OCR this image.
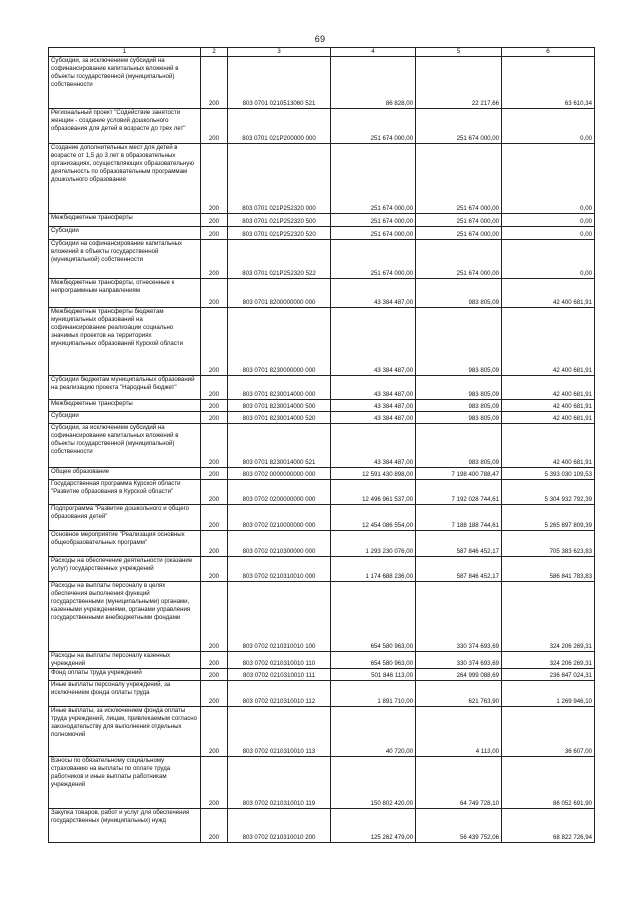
69
1	2	3	4	5	6
Субсидии, за исключением субсидий на софинансирование капитальных вложений в объекты государственной (муниципальной) собственности	200	803 0701 0210513060 521	86 828,00	22 217,66	63 610,34
Региональный проект "Содействие занятости женщин - создание условий дошкольного образования для детей в возрасте до трех лет"	200	803 0701 021P200000 000	251 674 000,00	251 674 000,00	0,00
Создание дополнительных мест для детей в возрасте от 1,5 до 3 лет в образовательных организациях, осуществляющих образовательную деятельность по образовательным программам дошкольного образования	200	803 0701 021P252320 000	251 674 000,00	251 674 000,00	0,00
Межбюджетные трансферты	200	803 0701 021P252320 500	251 674 000,00	251 674 000,00	0,00
Субсидии	200	803 0701 021P252320 520	251 674 000,00	251 674 000,00	0,00
Субсидии на софинансирование капитальных вложений в объекты государственной (муниципальной) собственности	200	803 0701 021P252320 522	251 674 000,00	251 674 000,00	0,00
Межбюджетные трансферты, отнесенные к непрограммным направлениям	200	803 0701 8200000000 000	43 384 487,00	983 805,09	42 400 681,91
Межбюджетные трансферты бюджетам муниципальных образований на софинансирование реализации социально значимых проектов на территориях муниципальных образований Курской области	200	803 0701 8230000000 000	43 384 487,00	983 805,09	42 400 681,91
Субсидии бюджетам муниципальных образований на реализацию проекта "Народный бюджет"	200	803 0701 8230014000 000	43 384 487,00	983 805,09	42 400 681,91
Межбюджетные трансферты	200	803 0701 8230014000 500	43 384 487,00	983 805,09	42 400 681,91
Субсидии	200	803 0701 8230014000 520	43 384 487,00	983 805,09	42 400 681,91
Субсидии, за исключением субсидий на софинансирование капитальных вложений в объекты государственной (муниципальной) собственности	200	803 0701 8230014000 521	43 384 487,00	983 805,09	42 400 681,91
Общее образование	200	803 0702 0000000000 000	12 591 430 898,00	7 198 400 788,47	5 393 030 109,53
Государственная программа Курской области "Развитие образования в Курской области"	200	803 0702 0200000000 000	12 496 961 537,00	7 192 028 744,61	5 304 932 792,39
Подпрограмма "Развитие дошкольного и общего образования детей"	200	803 0702 0210000000 000	12 454 086 554,00	7 188 188 744,61	5 265 897 809,39
Основное мероприятие "Реализация основных общеобразовательных программ"	200	803 0702 0210300000 000	1 293 230 076,00	587 846 452,17	705 383 623,83
Расходы на обеспечение деятельности (оказание услуг) государственных учреждений	200	803 0702 0210310010 000	1 174 688 236,00	587 846 452,17	586 841 783,83
Расходы на выплаты персоналу в целях обеспечения выполнения функций государственными (муниципальными) органами, казенными учреждениями, органами управления государственными внебюджетными фондами	200	803 0702 0210310010 100	654 580 963,00	330 374 693,69	324 206 269,31
Расходы на выплаты персоналу казенных учреждений	200	803 0702 0210310010 110	654 580 963,00	330 374 693,69	324 206 269,31
Фонд оплаты труда учреждений	200	803 0702 0210310010 111	501 846 113,00	264 999 088,69	236 847 024,31
Иные выплаты персоналу учреждений, за исключением фонда оплаты труда	200	803 0702 0210310010 112	1 891 710,00	621 763,90	1 269 946,10
Иные выплаты, за исключением фонда оплаты труда учреждений, лицам, привлекаемым согласно законодательству для выполнения отдельных полномочий	200	803 0702 0210310010 113	40 720,00	4 113,00	36 607,00
Взносы по обязательному социальному страхованию на выплаты по оплате труда работников и иные выплаты работникам учреждений	200	803 0702 0210310010 119	150 802 420,00	64 749 728,10	86 052 691,90
Закупка товаров, работ и услуг для обеспечения государственных (муниципальных) нужд	200	803 0702 0210310010 200	125 262 479,00	56 439 752,06	68 822 726,94
